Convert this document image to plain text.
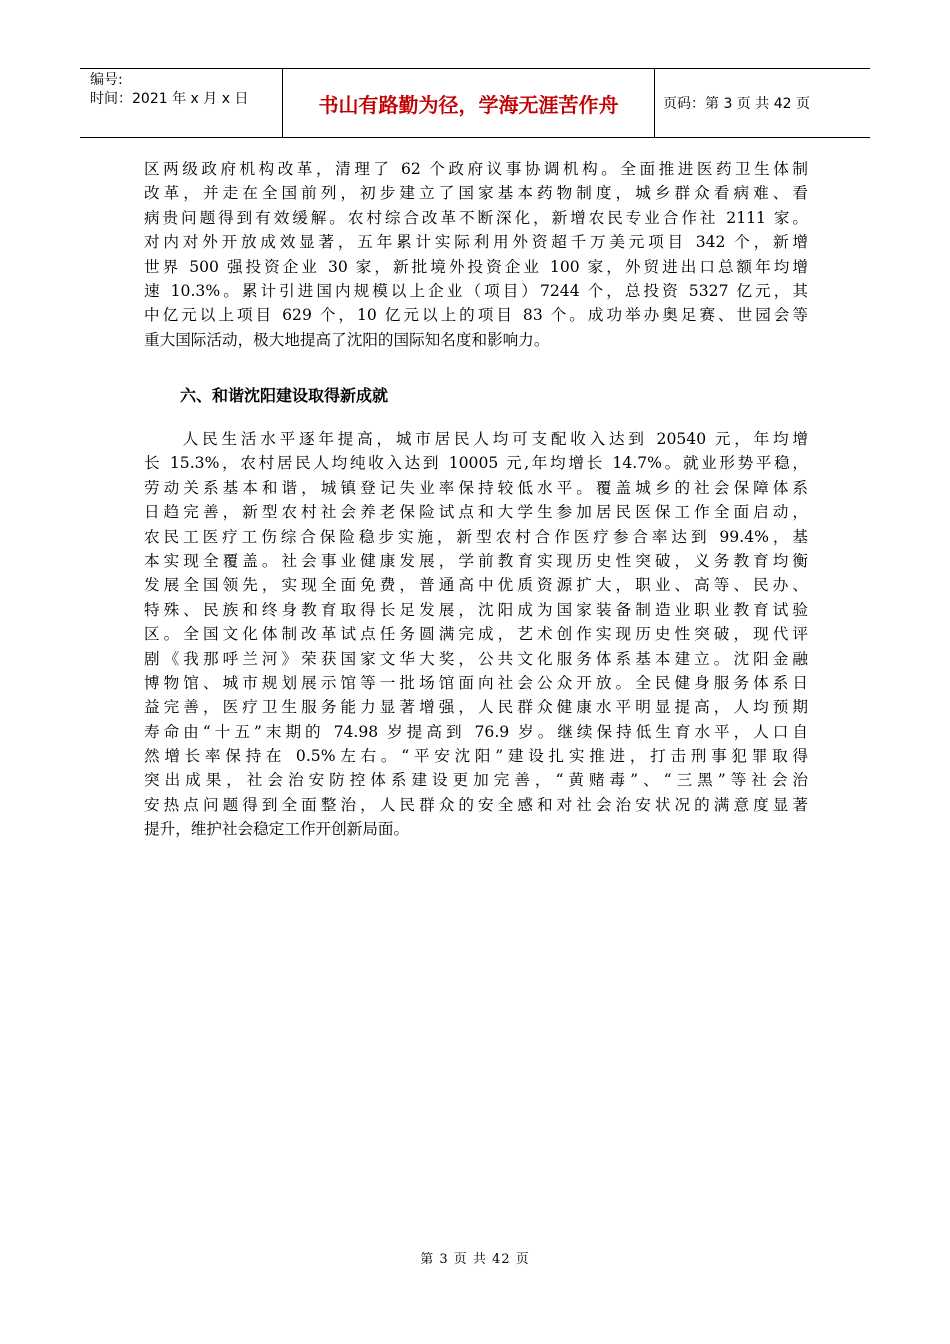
编号:
时间：2021 年 x 月 x 日	书山有路勤为径，学海无涯苦作舟	页码：第 3 页 共 42 页
区两级政府机构改革，清理了 62 个政府议事协调机构。全面推进医药卫生体制
改革，并走在全国前列，初步建立了国家基本药物制度，城乡群众看病难、看
病贵问题得到有效缓解。农村综合改革不断深化，新增农民专业合作社 2111 家。
对内对外开放成效显著，五年累计实际利用外资超千万美元项目 342 个，新增
世界 500 强投资企业 30 家，新批境外投资企业 100 家，外贸进出口总额年均增
速 10.3%。累计引进国内规模以上企业（项目）7244 个，总投资 5327 亿元，其
中亿元以上项目 629 个，10 亿元以上的项目 83 个。成功举办奥足赛、世园会等
重大国际活动，极大地提高了沈阳的国际知名度和影响力。
六、和谐沈阳建设取得新成就
　　人民生活水平逐年提高，城市居民人均可支配收入达到 20540 元，年均增
长 15.3%，农村居民人均纯收入达到 10005 元,年均增长 14.7%。就业形势平稳，
劳动关系基本和谐，城镇登记失业率保持较低水平。覆盖城乡的社会保障体系
日趋完善，新型农村社会养老保险试点和大学生参加居民医保工作全面启动，
农民工医疗工伤综合保险稳步实施，新型农村合作医疗参合率达到 99.4%，基
本实现全覆盖。社会事业健康发展，学前教育实现历史性突破，义务教育均衡
发展全国领先，实现全面免费，普通高中优质资源扩大，职业、高等、民办、
特殊、民族和终身教育取得长足发展，沈阳成为国家装备制造业职业教育试验
区。全国文化体制改革试点任务圆满完成，艺术创作实现历史性突破，现代评
剧《我那呼兰河》荣获国家文华大奖，公共文化服务体系基本建立。沈阳金融
博物馆、城市规划展示馆等一批场馆面向社会公众开放。全民健身服务体系日
益完善，医疗卫生服务能力显著增强，人民群众健康水平明显提高，人均预期
寿命由“十五”末期的 74.98 岁提高到 76.9 岁。继续保持低生育水平，人口自
然增长率保持在 0.5%左右。“平安沈阳”建设扎实推进，打击刑事犯罪取得
突出成果，社会治安防控体系建设更加完善，“黄赌毒”、“三黑”等社会治
安热点问题得到全面整治，人民群众的安全感和对社会治安状况的满意度显著
提升，维护社会稳定工作开创新局面。
第 3 页 共 42 页
